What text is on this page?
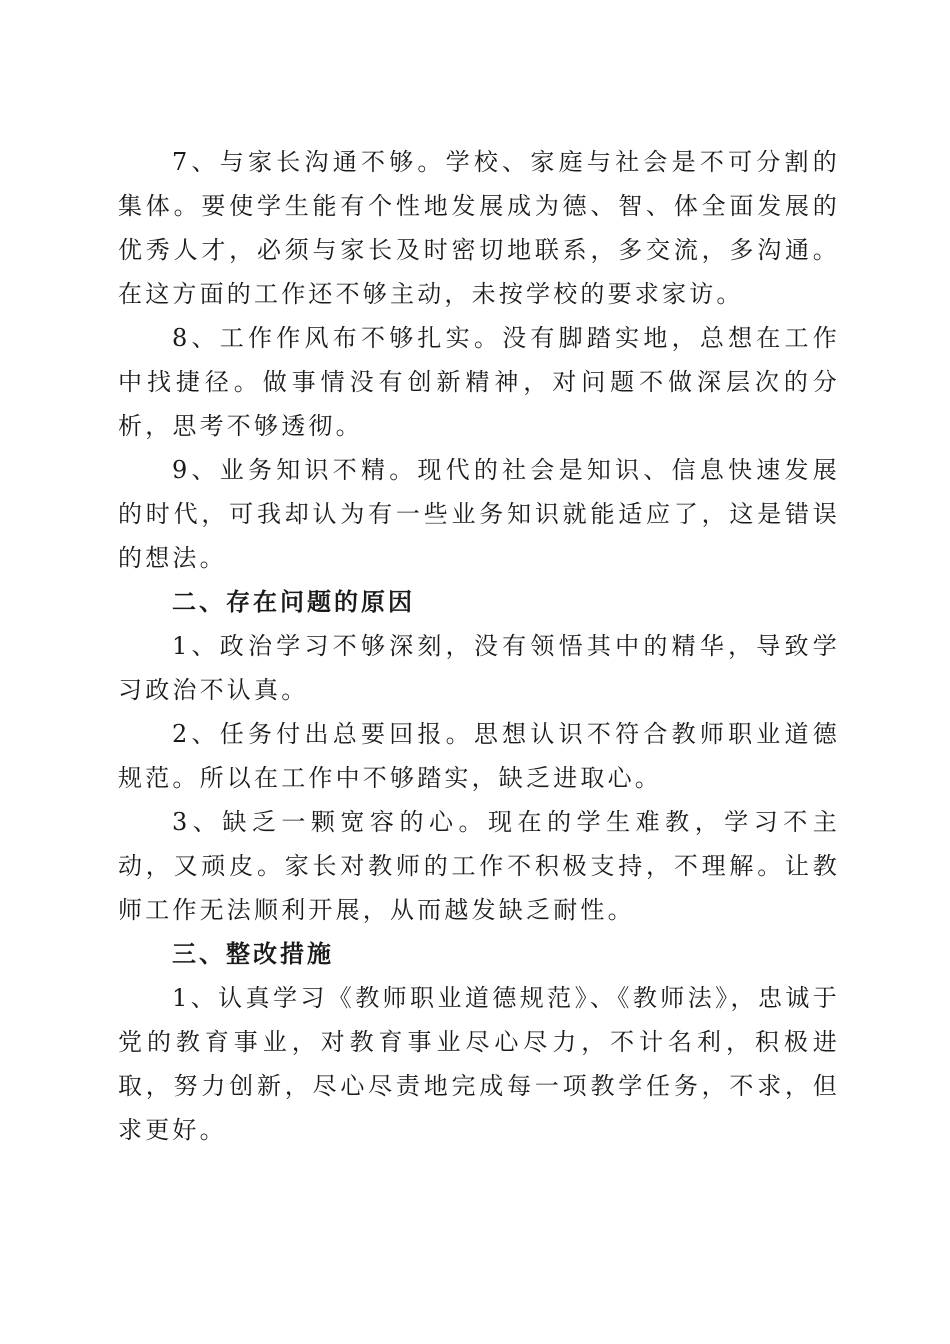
7、与家长沟通不够。学校、家庭与社会是不可分割的集体。要使学生能有个性地发展成为德、智、体全面发展的优秀人才，必须与家长及时密切地联系，多交流，多沟通。在这方面的工作还不够主动，未按学校的要求家访。

8、工作作风布不够扎实。没有脚踏实地，总想在工作中找捷径。做事情没有创新精神，对问题不做深层次的分析，思考不够透彻。

9、业务知识不精。现代的社会是知识、信息快速发展的时代，可我却认为有一些业务知识就能适应了，这是错误的想法。

二、存在问题的原因

1、政治学习不够深刻，没有领悟其中的精华，导致学习政治不认真。

2、任务付出总要回报。思想认识不符合教师职业道德规范。所以在工作中不够踏实，缺乏进取心。

3、缺乏一颗宽容的心。现在的学生难教，学习不主动，又顽皮。家长对教师的工作不积极支持，不理解。让教师工作无法顺利开展，从而越发缺乏耐性。

三、整改措施

1、认真学习《教师职业道德规范》、《教师法》，忠诚于党的教育事业，对教育事业尽心尽力，不计名利，积极进取，努力创新，尽心尽责地完成每一项教学任务，不求，但求更好。
